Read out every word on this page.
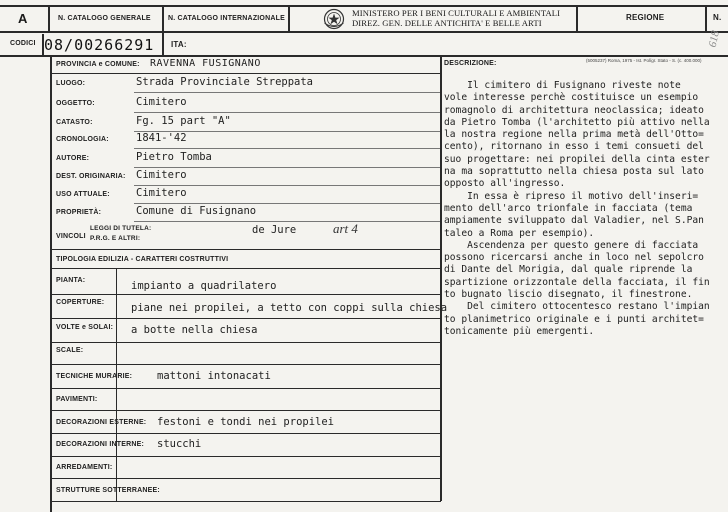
A	N. CATALOGO GENERALE N. CATALOGO INTERNAZIONALE
MINISTERO PER I BENI CULTURALI E AMBIENTALI
DIREZ. GEN. DELLE ANTICHITA' E BELLE ARTI	REGIONE	N.
618
CODICI 08/00266291 ITA:
PROVINCIA e COMUNE: RAVENNA FUSIGNANO
LUOGO:	Strada Provinciale Streppata
OGGETTO:	Cimitero
CATASTO:	Fg. 15 part "A"
CRONOLOGIA:	1841-'42
AUTORE:	Pietro Tomba
DEST. ORIGINARIA: Cimitero
USO ATTUALE:	Cimitero
PROPRIETÀ:	Comune di Fusignano
VINCOLI
LEGGI DI TUTELA:
P.R.G. E ALTRI:
de Jure	art 4
TIPOLOGIA EDILIZIA - CARATTERI COSTRUTTIVI
PIANTA:	impianto a quadrilatero
COPERTURE:	piane nei propilei, a tetto con coppi sulla chiesa
VOLTE e SOLAI: a botte nella chiesa
SCALE:
TECNICHE MURARIE: mattoni intonacati
PAVIMENTI:
DECORAZIONI ESTERNE: festoni e tondi nei propilei
DECORAZIONI INTERNE: stucchi
ARREDAMENTI:
STRUTTURE SOTTERRANEE:
DESCRIZIONE:	(5005237) Roma, 1975 - Ist. Polígr. Stato - S. (c. 400.000)

Il cimitero di Fusignano riveste note
vole interesse perchè costituisce un esempio
romagnolo di architettura neoclassica; ideato
da Pietro Tomba (l'architetto più attivo nella
la nostra regione nella prima metà dell'Otto=
cento), ritornano in esso i temi consueti del
suo progettare: nei propilei della cinta ester
na ma soprattutto nella chiesa posta sul lato
opposto all'ingresso.

In essa è ripreso il motivo dell'inseri=
mento dell'arco trionfale in facciata (tema
ampiamente sviluppato dal Valadier, nel S.Pan
taleo a Roma per esempio).

Ascendenza per questo genere di facciata
possono ricercarsi anche in loco nel sepolcro
di Dante del Morigia, dal quale riprende la
spartizione orizzontale della facciata, il fin
to bugnato liscio disegnato, il finestrone.

Del cimitero ottocentesco restano l'impian
to planimetrico originale e i punti architet=
tonicamente più emergenti.
